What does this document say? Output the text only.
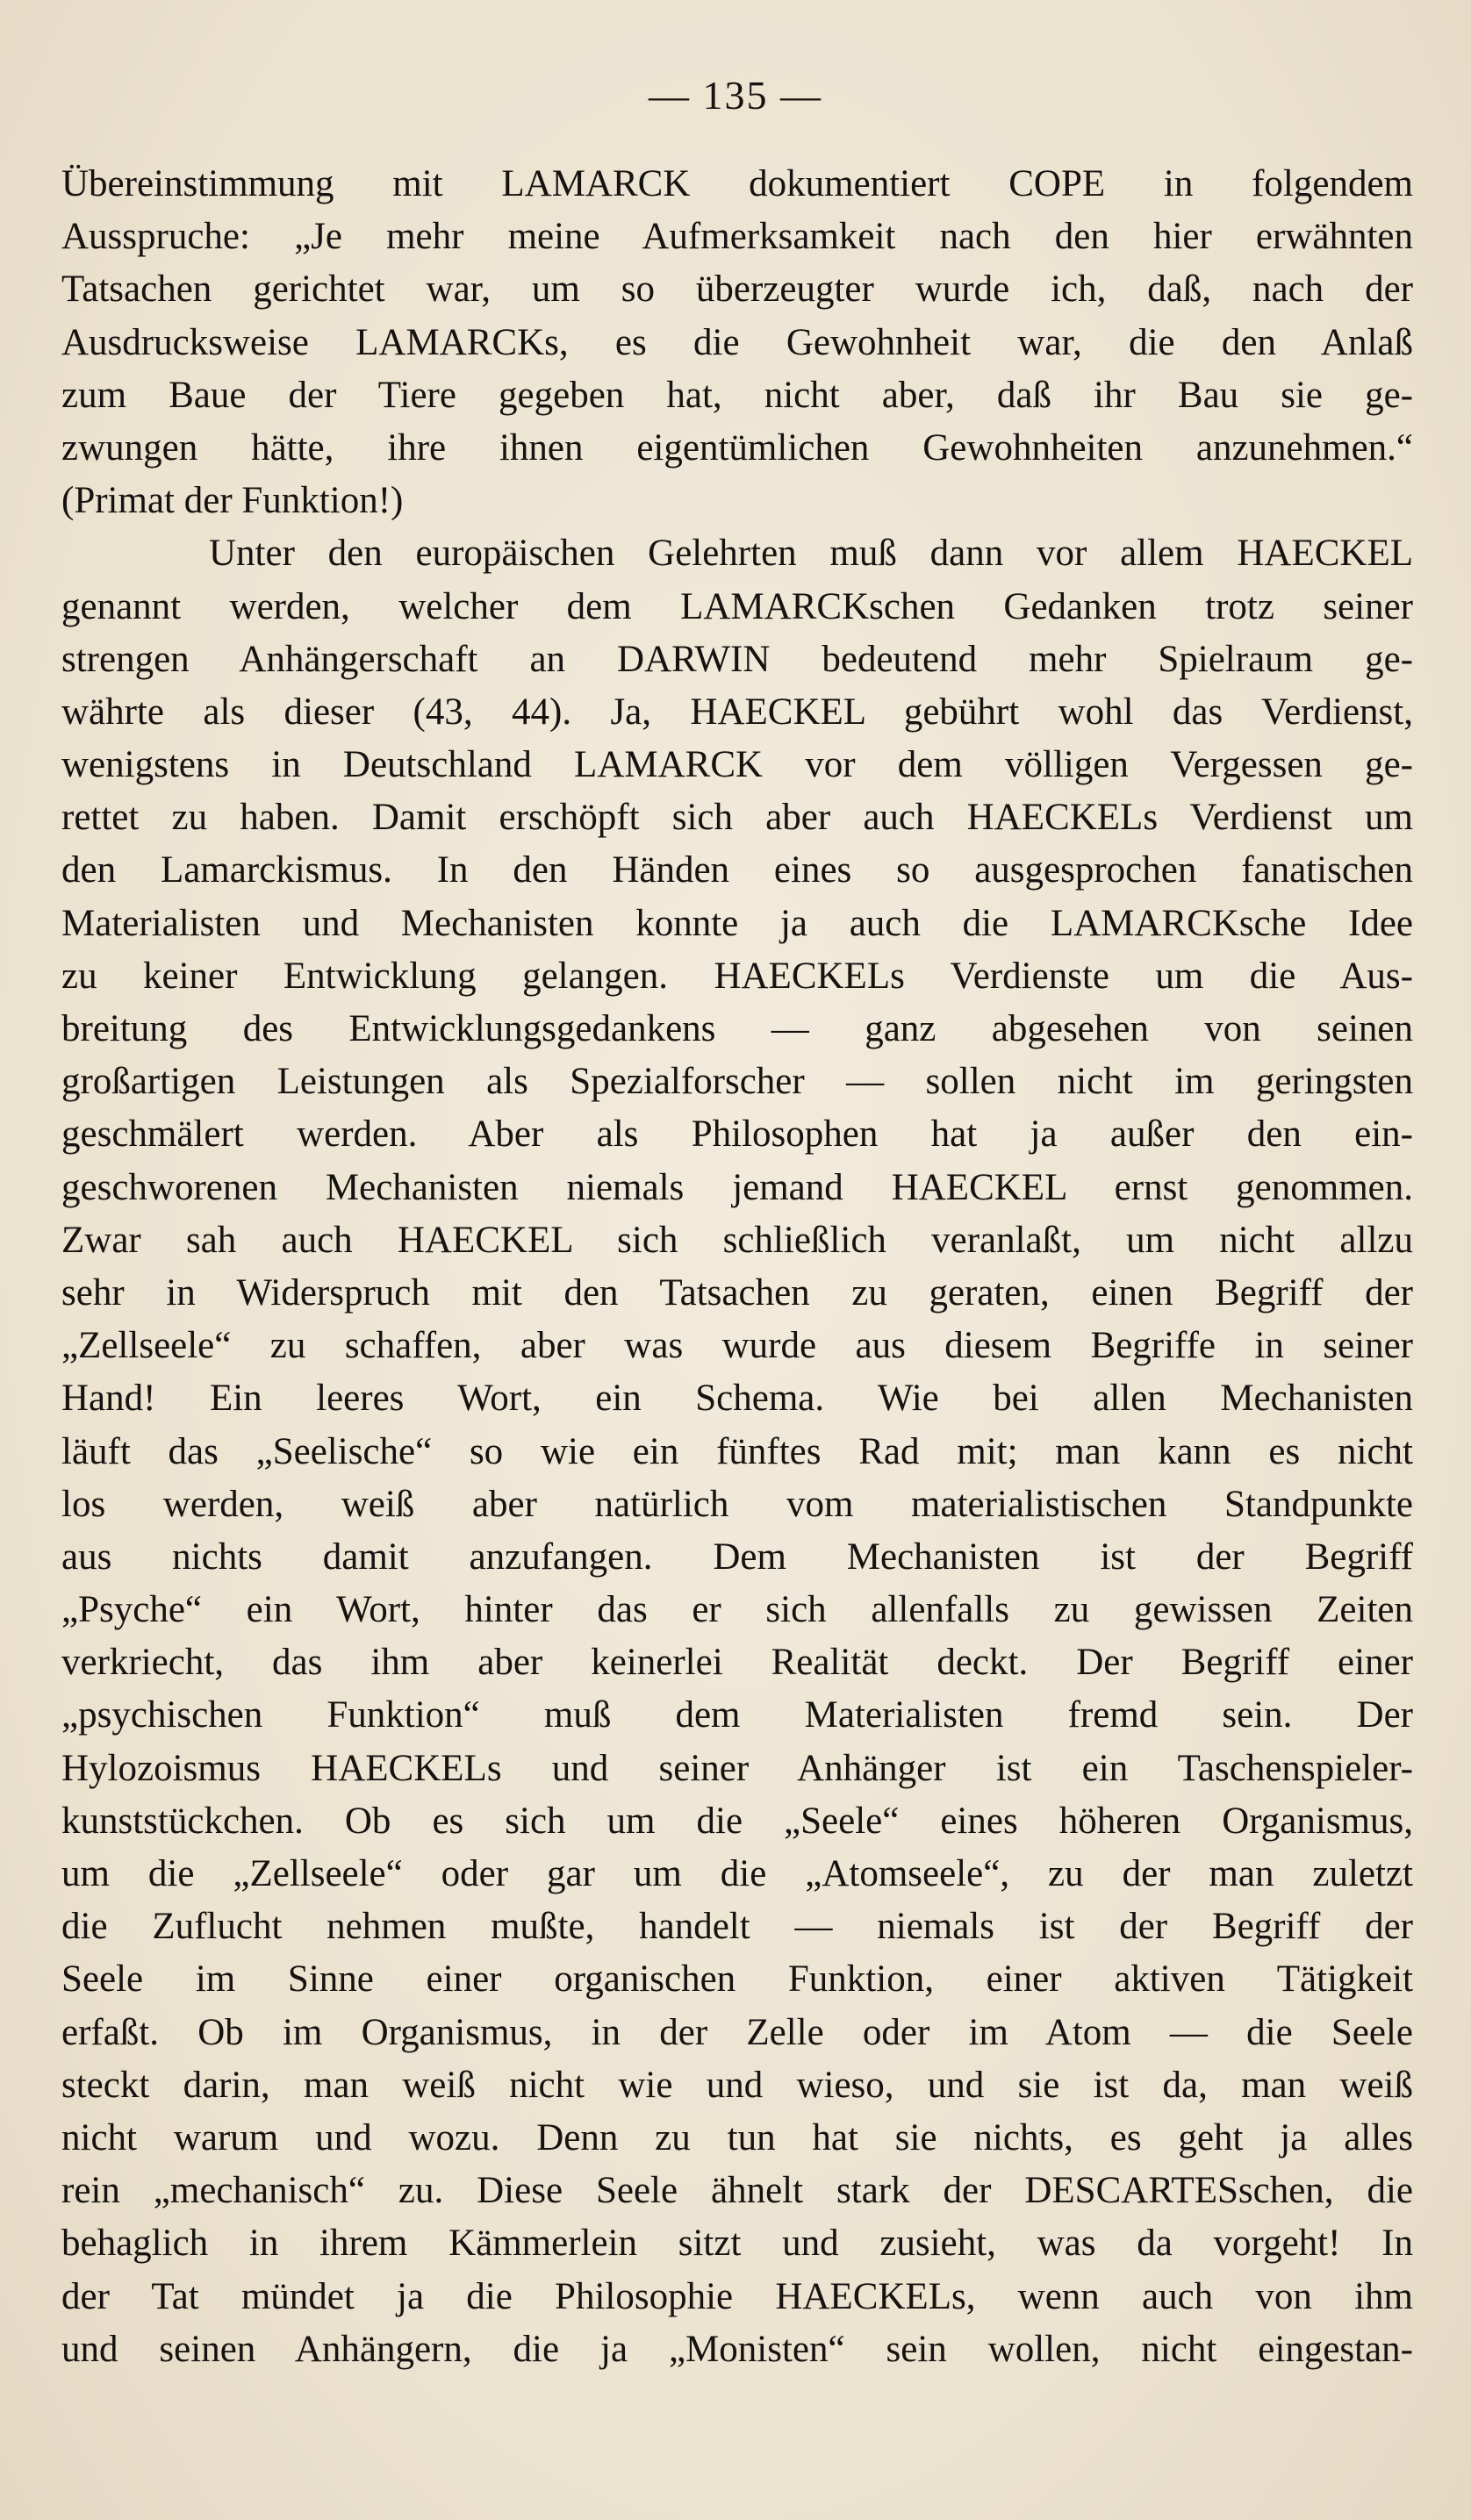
— 135 —

Übereinstimmung mit LAMARCK dokumentiert COPE in folgendem
Ausspruche: „Je mehr meine Aufmerksamkeit nach den hier erwähnten
Tatsachen gerichtet war, um so überzeugter wurde ich, daß, nach der
Ausdrucksweise LAMARCKs, es die Gewohnheit war, die den Anlaß
zum Baue der Tiere gegeben hat, nicht aber, daß ihr Bau sie ge-
zwungen hätte, ihre ihnen eigentümlichen Gewohnheiten anzunehmen.“
(Primat der Funktion!)
Unter den europäischen Gelehrten muß dann vor allem HAECKEL
genannt werden, welcher dem LAMARCKschen Gedanken trotz seiner
strengen Anhängerschaft an DARWIN bedeutend mehr Spielraum ge-
währte als dieser (43, 44). Ja, HAECKEL gebührt wohl das Verdienst,
wenigstens in Deutschland LAMARCK vor dem völligen Vergessen ge-
rettet zu haben. Damit erschöpft sich aber auch HAECKELs Verdienst um
den Lamarckismus. In den Händen eines so ausgesprochen fanatischen
Materialisten und Mechanisten konnte ja auch die LAMARCKsche Idee
zu keiner Entwicklung gelangen. HAECKELs Verdienste um die Aus-
breitung des Entwicklungsgedankens — ganz abgesehen von seinen
großartigen Leistungen als Spezialforscher — sollen nicht im geringsten
geschmälert werden. Aber als Philosophen hat ja außer den ein-
geschworenen Mechanisten niemals jemand HAECKEL ernst genommen.
Zwar sah auch HAECKEL sich schließlich veranlaßt, um nicht allzu
sehr in Widerspruch mit den Tatsachen zu geraten, einen Begriff der
„Zellseele“ zu schaffen, aber was wurde aus diesem Begriffe in seiner
Hand! Ein leeres Wort, ein Schema. Wie bei allen Mechanisten
läuft das „Seelische“ so wie ein fünftes Rad mit; man kann es nicht
los werden, weiß aber natürlich vom materialistischen Standpunkte
aus nichts damit anzufangen. Dem Mechanisten ist der Begriff
„Psyche“ ein Wort, hinter das er sich allenfalls zu gewissen Zeiten
verkriecht, das ihm aber keinerlei Realität deckt. Der Begriff einer
„psychischen Funktion“ muß dem Materialisten fremd sein. Der
Hylozoismus HAECKELs und seiner Anhänger ist ein Taschenspieler-
kunststückchen. Ob es sich um die „Seele“ eines höheren Organismus,
um die „Zellseele“ oder gar um die „Atomseele“, zu der man zuletzt
die Zuflucht nehmen mußte, handelt — niemals ist der Begriff der
Seele im Sinne einer organischen Funktion, einer aktiven Tätigkeit
erfaßt. Ob im Organismus, in der Zelle oder im Atom — die Seele
steckt darin, man weiß nicht wie und wieso, und sie ist da, man weiß
nicht warum und wozu. Denn zu tun hat sie nichts, es geht ja alles
rein „mechanisch“ zu. Diese Seele ähnelt stark der DESCARTESschen, die
behaglich in ihrem Kämmerlein sitzt und zusieht, was da vorgeht! In
der Tat mündet ja die Philosophie HAECKELs, wenn auch von ihm
und seinen Anhängern, die ja „Monisten“ sein wollen, nicht eingestan-
